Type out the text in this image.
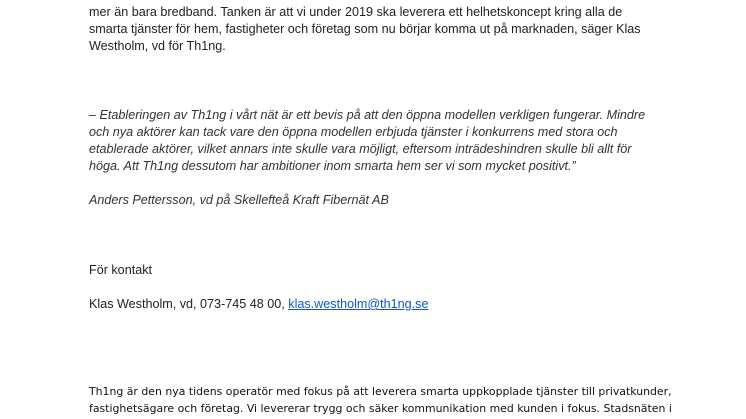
mer än bara bredband. Tanken är att vi under 2019 ska leverera ett helhetskoncept kring alla de
smarta tjänster för hem, fastigheter och företag som nu börjar komma ut på marknaden, säger Klas
Westholm, vd för Th1ng.
– Etableringen av Th1ng i vårt nät är ett bevis på att den öppna modellen verkligen fungerar. Mindre
och nya aktörer kan tack vare den öppna modellen erbjuda tjänster i konkurrens med stora och
etablerade aktörer, vilket annars inte skulle vara möjligt, eftersom inträdeshindren skulle bli allt för
höga. Att Th1ng dessutom har ambitioner inom smarta hem ser vi som mycket positivt.”
Anders Pettersson, vd på Skellefteå Kraft Fibernät AB
För kontakt
Klas Westholm, vd, 073-745 48 00, klas.westholm@th1ng.se
Th1ng är den nya tidens operatör med fokus på att leverera smarta uppkopplade tjänster till privatkunder,
fastighetsägare och företag. Vi levererar trygg och säker kommunikation med kunden i fokus. Stadsnäten i
